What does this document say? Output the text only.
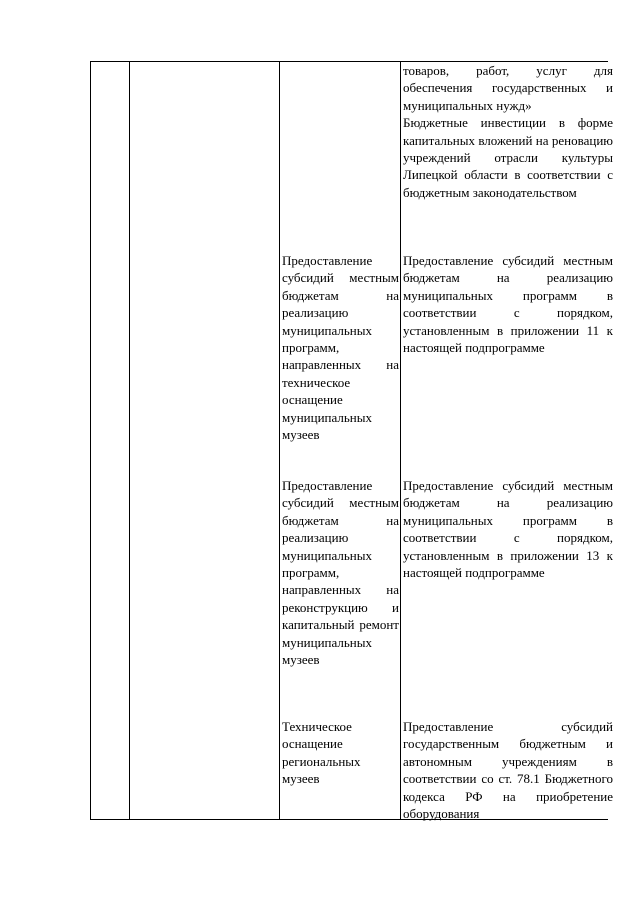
товаров, работ, услуг для обеспечения государственных и муниципальных нужд»

Бюджетные инвестиции в форме капитальных вложений на реновацию учреждений отрасли культуры Липецкой области в соответствии с бюджетным законодательством

Предоставление субсидий местным бюджетам на реализацию муниципальных программ, направленных на техническое оснащение муниципальных музеев

Предоставление субсидий местным бюджетам на реализацию муниципальных программ в соответствии с порядком, установленным в приложении 11 к настоящей подпрограмме

Предоставление субсидий местным бюджетам на реализацию муниципальных программ, направленных на реконструкцию и капитальный ремонт муниципальных музеев

Предоставление субсидий местным бюджетам на реализацию муниципальных программ в соответствии с порядком, установленным в приложении 13 к настоящей подпрограмме

Техническое оснащение региональных музеев

Предоставление субсидий государственным бюджетным и автономным учреждениям в соответствии со ст. 78.1 Бюджетного кодекса РФ на приобретение оборудования
